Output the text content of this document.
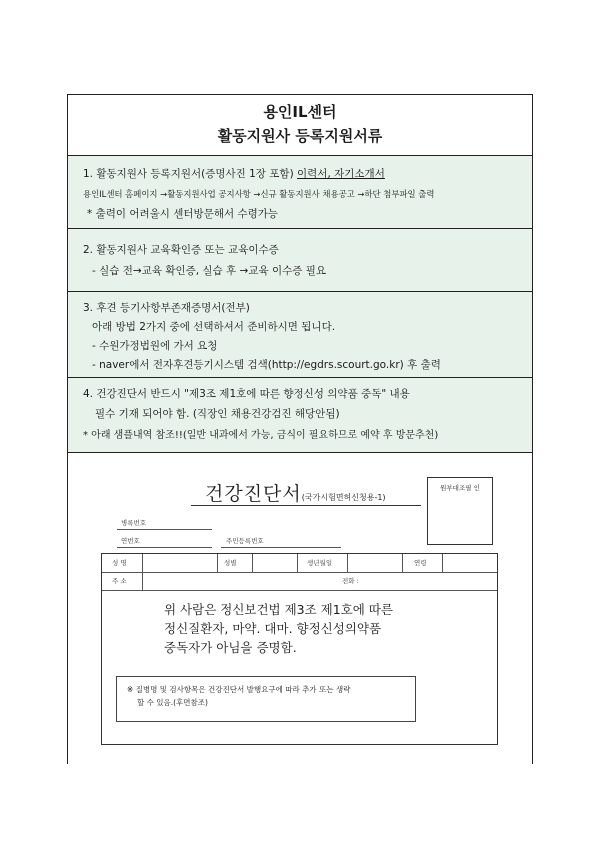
용인IL센터
활동지원사 등록지원서류
1. 활동지원사 등록지원서(증명사진 1장 포함) 이력서, 자기소개서
용인IL센터 홈페이지 →활동지원사업 공지사항 →신규 활동지원사 채용공고 →하단 첨부파일 출력
* 출력이 어려울시 센터방문해서 수령가능
2. 활동지원사 교육확인증 또는 교육이수증
- 실습 전→교육 확인증, 실습 후 →교육 이수증 필요
3. 후견 등기사항부존재증명서(전부)
아래 방법 2가지 중에 선택하셔서 준비하시면 됩니다.
- 수원가정법원에 가서 요청
- naver에서 전자후견등기시스템 검색(http://egdrs.scourt.go.kr) 후 출력
4. 건강진단서 반드시 "제3조 제1호에 따른 향정신성 의약품 중독" 내용
필수 기재 되어야 함. (직장인 채용건강검진 해당안됨)
* 아래 샘플내역 참조!!(일반 내과에서 가능, 금식이 필요하므로 예약 후 방문추천)
건강진단서(국가시험면허신청용-1)
원부대조필 인
병록번호
연번호	주민등록번호
성 명	성별	생년월일	연령
주 소	전화 :
위 사람은 정신보건법 제3조 제1호에 따른
정신질환자, 마약. 대마. 향정신성의약품
중독자가 아님을 증명함.
※ 질병명 및 검사항목은 건강진단서 발행요구에 따라 추가 또는 생략
할 수 있음.(후면참조)
